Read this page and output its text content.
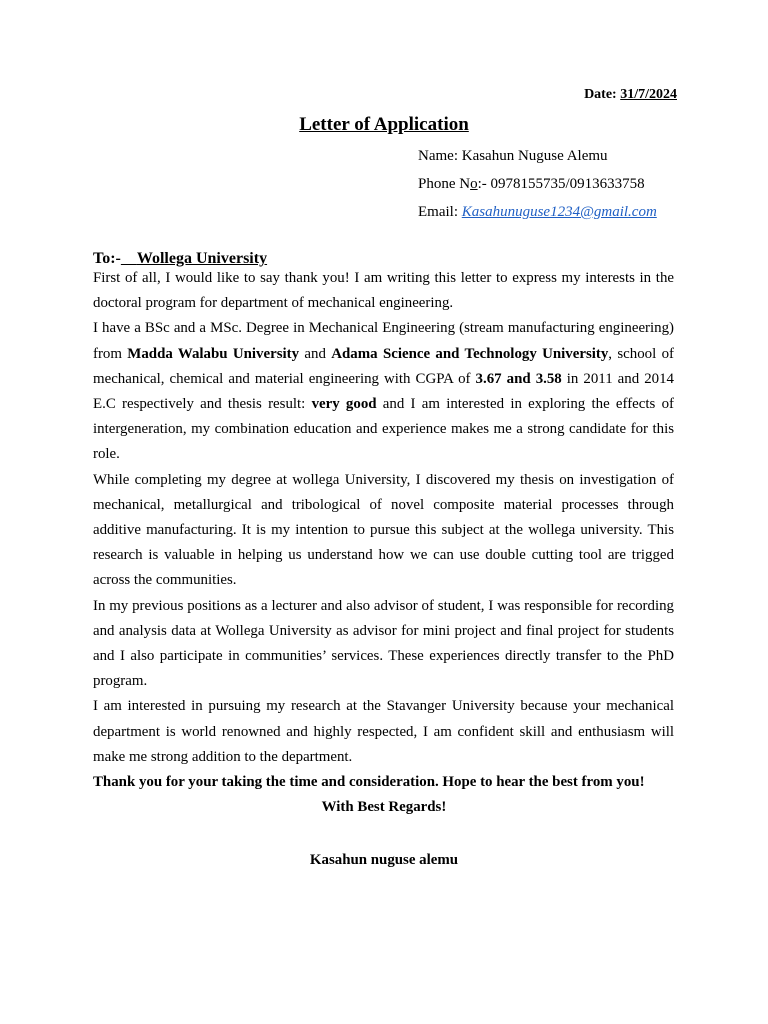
Date: 31/7/2024
Letter of Application
Name: Kasahun Nuguse Alemu
Phone No:- 0978155735/0913633758
Email: Kasahunuguse1234@gmail.com
To:- Wollega University

First of all, I would like to say thank you! I am writing this letter to express my interests in the doctoral program for department of mechanical engineering.

I have a BSc and a MSc. Degree in Mechanical Engineering (stream manufacturing engineering) from Madda Walabu University and Adama Science and Technology University, school of mechanical, chemical and material engineering with CGPA of 3.67 and 3.58 in 2011 and 2014 E.C respectively and thesis result: very good and I am interested in exploring the effects of intergeneration, my combination education and experience makes me a strong candidate for this role.

While completing my degree at wollega University, I discovered my thesis on investigation of mechanical, metallurgical and tribological of novel composite material processes through additive manufacturing. It is my intention to pursue this subject at the wollega university. This research is valuable in helping us understand how we can use double cutting tool are trigged across the communities.

In my previous positions as a lecturer and also advisor of student, I was responsible for recording and analysis data at Wollega University as advisor for mini project and final project for students and I also participate in communities’ services. These experiences directly transfer to the PhD program.

I am interested in pursuing my research at the Stavanger University because your mechanical department is world renowned and highly respected, I am confident skill and enthusiasm will make me strong addition to the department.

Thank you for your taking the time and consideration. Hope to hear the best from you!
With Best Regards!
Kasahun nuguse alemu
